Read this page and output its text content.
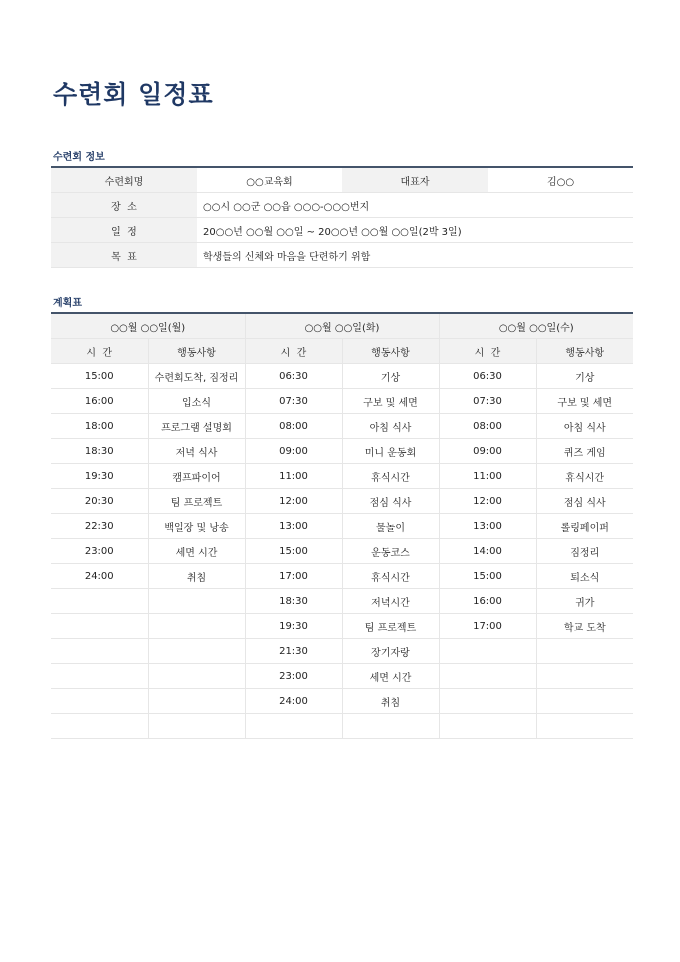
수련회 일정표
수련회 정보
수련회명	○○교육회	대표자	김○○
장  소	○○시 ○○군 ○○읍 ○○○-○○○번지		
일  정	20○○년 ○○월 ○○일 ~ 20○○년 ○○월 ○○일(2박 3일)		
목  표	학생들의 신체와 마음을 단련하기 위함		
계획표
○○월 ○○일(월)		○○월 ○○일(화)		○○월 ○○일(수)	
시  간	행동사항	시  간	행동사항	시  간	행동사항
15:00	수련회도착, 짐정리	06:30	기상	06:30	기상
16:00	입소식	07:30	구보 및 세면	07:30	구보 및 세면
18:00	프로그램 설명회	08:00	아침 식사	08:00	아침 식사
18:30	저녁 식사	09:00	미니 운동회	09:00	퀴즈 게임
19:30	캠프파이어	11:00	휴식시간	11:00	휴식시간
20:30	팀 프로젝트	12:00	점심 식사	12:00	점심 식사
22:30	백일장 및 낭송	13:00	물놀이	13:00	롤링페이퍼
23:00	세면 시간	15:00	운동코스	14:00	짐정리
24:00	취침	17:00	휴식시간	15:00	퇴소식
		18:30	저녁시간	16:00	귀가
		19:30	팀 프로젝트	17:00	학교 도착
		21:30	장기자랑		
		23:00	세면 시간		
		24:00	취침		
